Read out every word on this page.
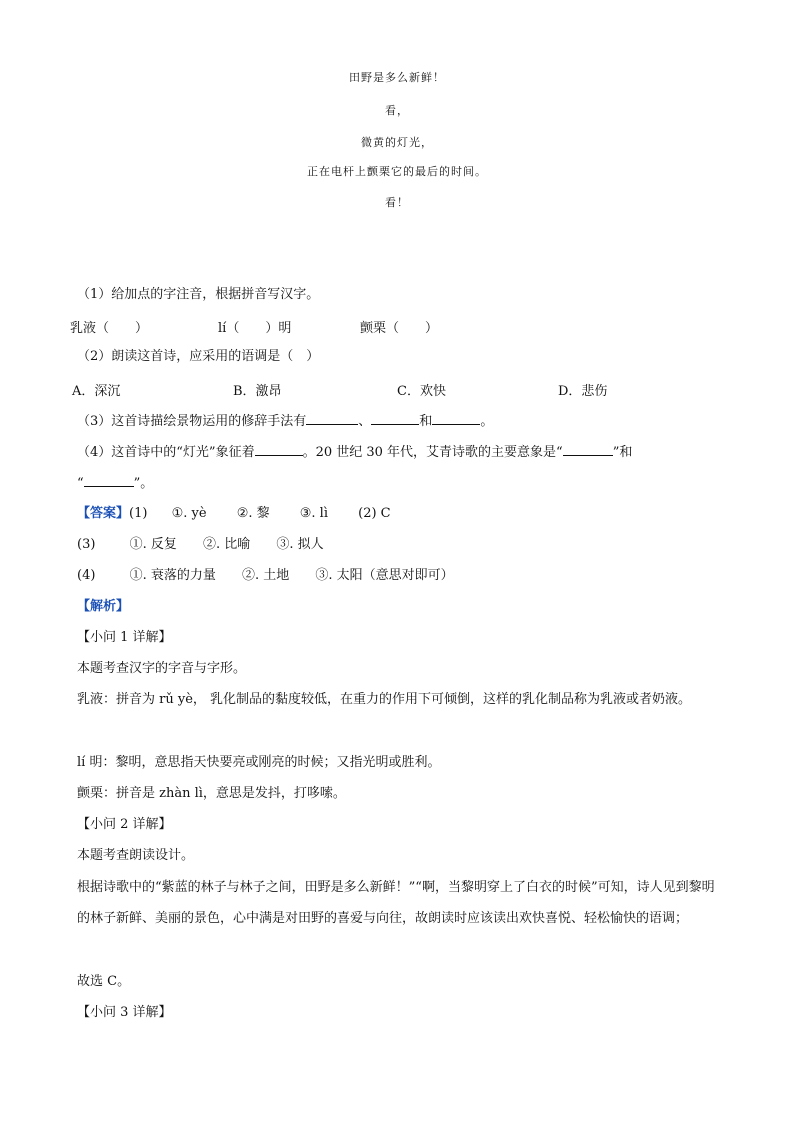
田野是多么新鲜！
看，
微黄的灯光，
正在电杆上颤栗它的最后的时间。
看！
（1）给加点的字注音，根据拼音写汉字。
乳液（　　）	lí（　　）明	颤栗（　　）
（2）朗读这首诗，应采用的语调是（　）
A．深沉	B．激昂	C．欢快	D．悲伤
（3）这首诗描绘景物运用的修辞手法有	、	和	。
（4）这首诗中的“灯光”象征着	。20 世纪 30 年代，艾青诗歌的主要意象是“	”和
“	”。
【答案】(1) ①. yè ②. 黎 ③. lì (2) C
(3)	①. 反复 ②. 比喻 ③. 拟人
(4)	①. 衰落的力量 ②. 土地 ③. 太阳（意思对即可）
【解析】
【小问 1 详解】
本题考查汉字的字音与字形。
乳液：拼音为 rǔ yè， 乳化制品的黏度较低，在重力的作用下可倾倒，这样的乳化制品称为乳液或者奶液。
lí 明：黎明，意思指天快要亮或刚亮的时候；又指光明或胜利。
颤栗：拼音是 zhàn lì，意思是发抖，打哆嗦。
【小问 2 详解】
本题考查朗读设计。
根据诗歌中的“紫蓝的林子与林子之间，田野是多么新鲜！”“啊，当黎明穿上了白衣的时候”可知，诗人见到黎明的林子新鲜、美丽的景色，心中满是对田野的喜爱与向往，故朗读时应该读出欢快喜悦、轻松愉快的语调；
故选 C。
【小问 3 详解】
